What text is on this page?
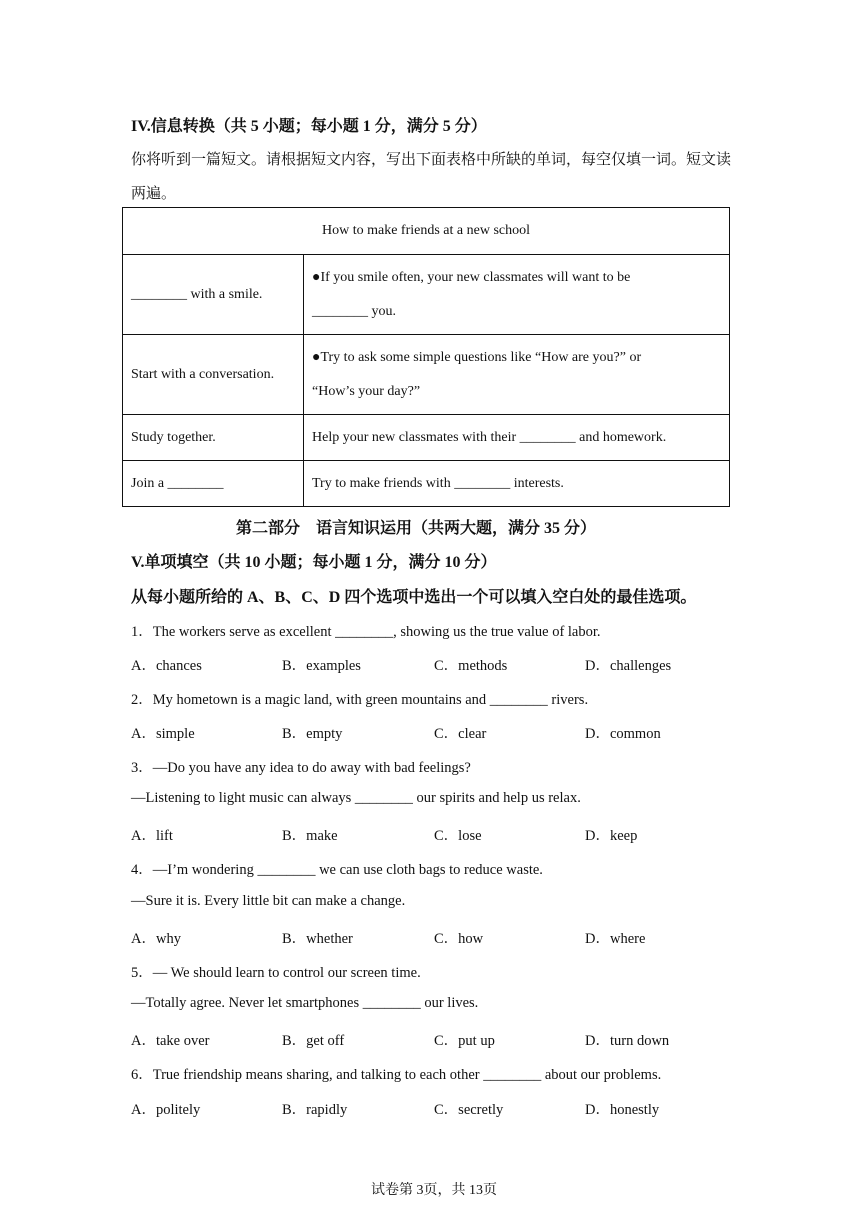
IV.信息转换（共 5 小题；每小题 1 分，满分 5 分）
你将听到一篇短文。请根据短文内容，写出下面表格中所缺的单词，每空仅填一词。短文读
两遍。
How to make friends at a new school	
________ with a smile.	●If you smile often, your new classmates will want to be
________ you.

Start with a conversation.	●Try to ask some simple questions like “How are you?” or
“How’s your day?”

Study together.	Help your new classmates with their ________ and homework.
Join a ________	Try to make friends with ________ interests.
第二部分　语言知识运用（共两大题，满分 35 分）
V.单项填空（共 10 小题；每小题 1 分，满分 10 分）
从每小题所给的 A、B、C、D 四个选项中选出一个可以填入空白处的最佳选项。
1．The workers serve as excellent ________, showing us the true value of labor.
A．chances	B．examples	C．methods	D．challenges
2．My hometown is a magic land, with green mountains and ________ rivers.
A．simple	B．empty	C．clear	D．common
3．—Do you have any idea to do away with bad feelings?
—Listening to light music can always ________ our spirits and help us relax.
A．lift	B．make	C．lose	D．keep
4．—I’m wondering ________ we can use cloth bags to reduce waste.
—Sure it is. Every little bit can make a change.
A．why	B．whether	C．how	D．where
5．— We should learn to control our screen time.
—Totally agree. Never let smartphones ________ our lives.
A．take over	B．get off	C．put up	D．turn down
6．True friendship means sharing, and talking to each other ________ about our problems.
A．politely	B．rapidly	C．secretly	D．honestly
试卷第 3页，共 13页
